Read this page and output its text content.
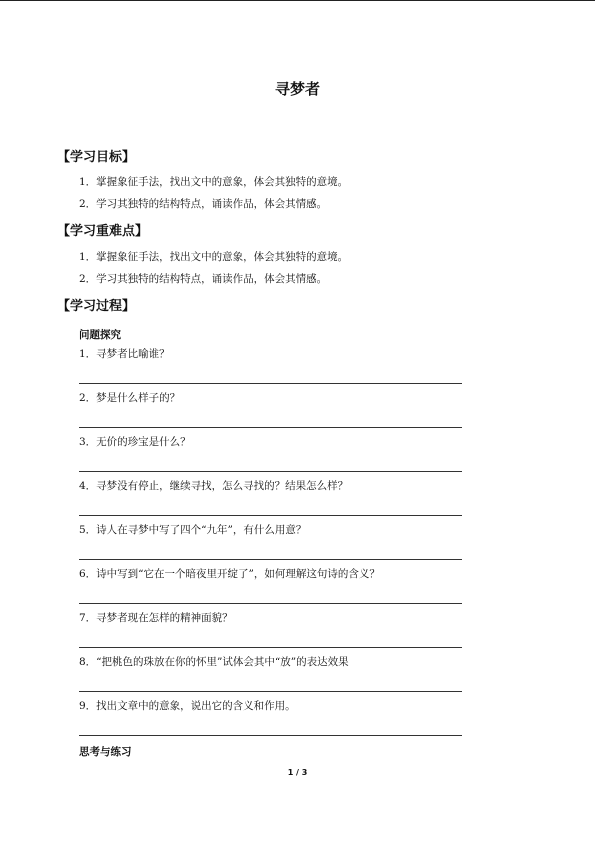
寻梦者
【学习目标】
1．掌握象征手法，找出文中的意象，体会其独特的意境。
2．学习其独特的结构特点，诵读作品，体会其情感。
【学习重难点】
1．掌握象征手法，找出文中的意象，体会其独特的意境。
2．学习其独特的结构特点，诵读作品，体会其情感。
【学习过程】
问题探究
1．寻梦者比喻谁？
2．梦是什么样子的？
3．无价的珍宝是什么？
4．寻梦没有停止，继续寻找，怎么寻找的？结果怎么样？
5．诗人在寻梦中写了四个“九年”，有什么用意？
6．诗中写到“它在一个暗夜里开绽了”，如何理解这句诗的含义？
7．寻梦者现在怎样的精神面貌？
8．“把桃色的珠放在你的怀里”试体会其中“放”的表达效果
9．找出文章中的意象，说出它的含义和作用。
思考与练习
1 / 3
